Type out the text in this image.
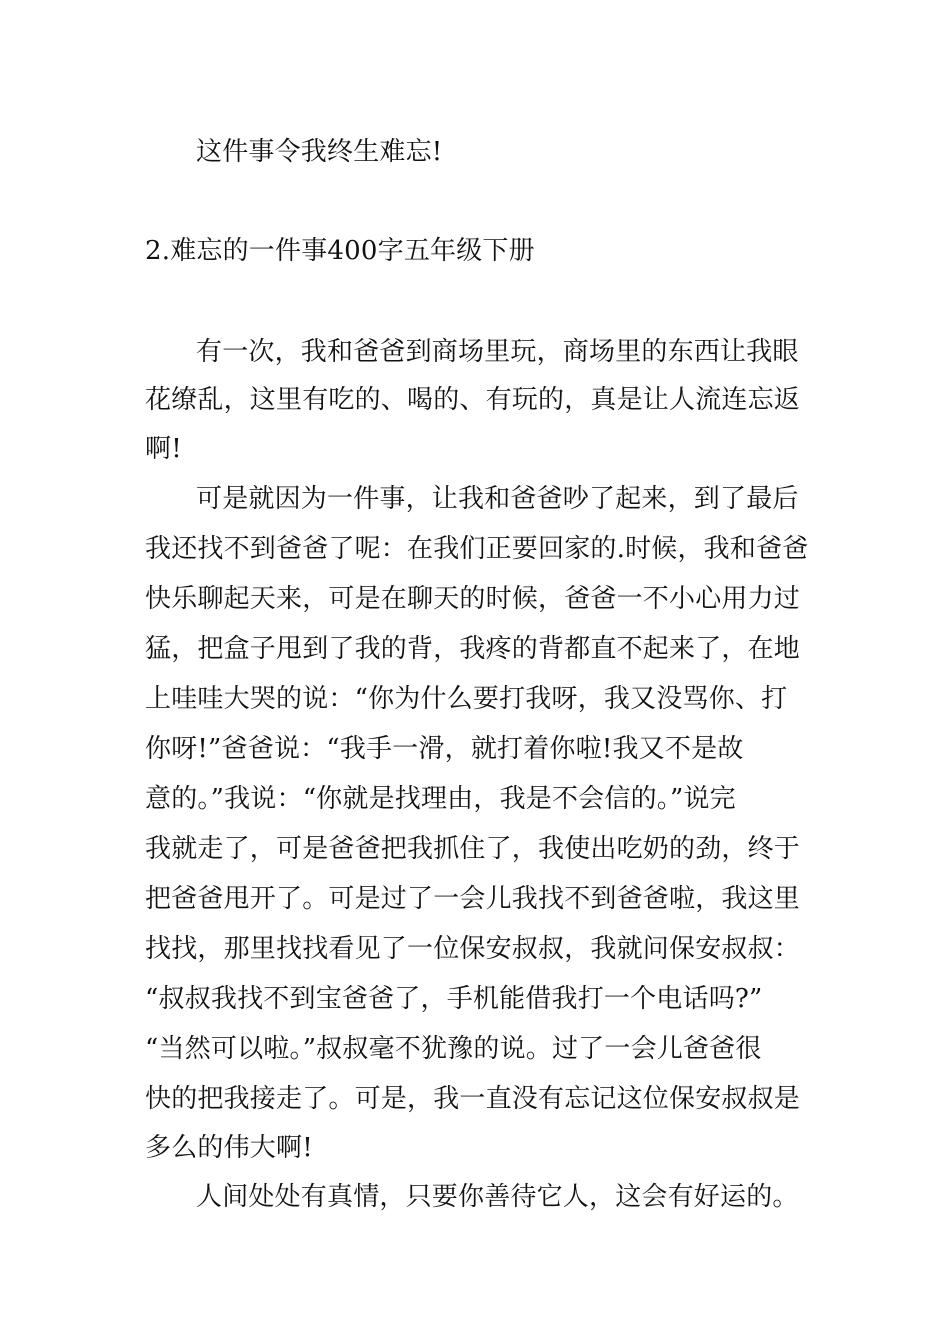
这件事令我终生难忘!
2.难忘的一件事400字五年级下册
有一次，我和爸爸到商场里玩，商场里的东西让我眼
花缭乱，这里有吃的、喝的、有玩的，真是让人流连忘返
啊!
可是就因为一件事，让我和爸爸吵了起来，到了最后
我还找不到爸爸了呢：在我们正要回家的.时候，我和爸爸
快乐聊起天来，可是在聊天的时候，爸爸一不小心用力过
猛，把盒子甩到了我的背，我疼的背都直不起来了，在地
上哇哇大哭的说：“你为什么要打我呀，我又没骂你、打
你呀!”爸爸说：“我手一滑，就打着你啦!我又不是故
意的。”我说：“你就是找理由，我是不会信的。”说完
我就走了，可是爸爸把我抓住了，我使出吃奶的劲，终于
把爸爸甩开了。可是过了一会儿我找不到爸爸啦，我这里
找找，那里找找看见了一位保安叔叔，我就问保安叔叔：
“叔叔我找不到宝爸爸了，手机能借我打一个电话吗?”
“当然可以啦。”叔叔毫不犹豫的说。过了一会儿爸爸很
快的把我接走了。可是，我一直没有忘记这位保安叔叔是
多么的伟大啊!
人间处处有真情，只要你善待它人，这会有好运的。
